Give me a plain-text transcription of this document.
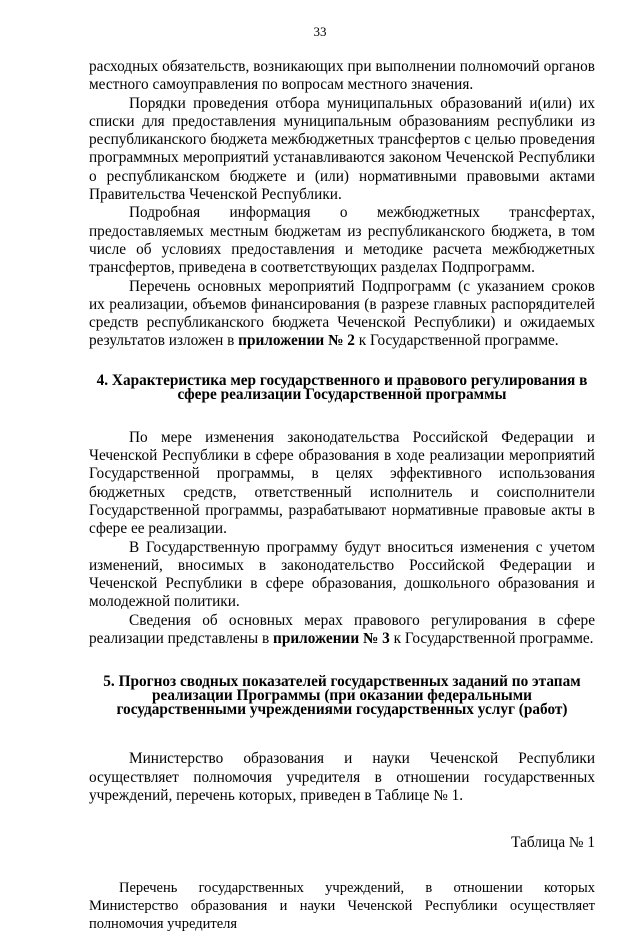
33

расходных обязательств, возникающих при выполнении полномочий органов местного самоуправления по вопросам местного значения.

Порядки проведения отбора муниципальных образований и(или) их списки для предоставления муниципальным образованиям республики из республиканского бюджета межбюджетных трансфертов с целью проведения программных мероприятий устанавливаются законом Чеченской Республики о республиканском бюджете и (или) нормативными правовыми актами Правительства Чеченской Республики.

Подробная информация о межбюджетных трансфертах, предоставляемых местным бюджетам из республиканского бюджета, в том числе об условиях предоставления и методике расчета межбюджетных трансфертов, приведена в соответствующих разделах Подпрограмм.

Перечень основных мероприятий Подпрограмм (с указанием сроков их реализации, объемов финансирования (в разрезе главных распорядителей средств республиканского бюджета Чеченской Республики) и ожидаемых результатов изложен в приложении № 2 к Государственной программе.

4. Характеристика мер государственного и правового регулирования в
сфере реализации Государственной программы

По мере изменения законодательства Российской Федерации и Чеченской Республики в сфере образования в ходе реализации мероприятий Государственной программы, в целях эффективного использования бюджетных средств, ответственный исполнитель и соисполнители Государственной программы, разрабатывают нормативные правовые акты в сфере ее реализации.

В Государственную программу будут вноситься изменения с учетом изменений, вносимых в законодательство Российской Федерации и Чеченской Республики в сфере образования, дошкольного образования и молодежной политики.

Сведения об основных мерах правового регулирования в сфере реализации представлены в приложении № 3 к Государственной программе.

5. Прогноз сводных показателей государственных заданий по этапам
реализации Программы (при оказании федеральными
государственными учреждениями государственных услуг (работ)

Министерство образования и науки Чеченской Республики осуществляет полномочия учредителя в отношении государственных учреждений, перечень которых, приведен в Таблице № 1.

Таблица № 1

Перечень государственных учреждений, в отношении которых Министерство образования и науки Чеченской Республики осуществляет полномочия учредителя
